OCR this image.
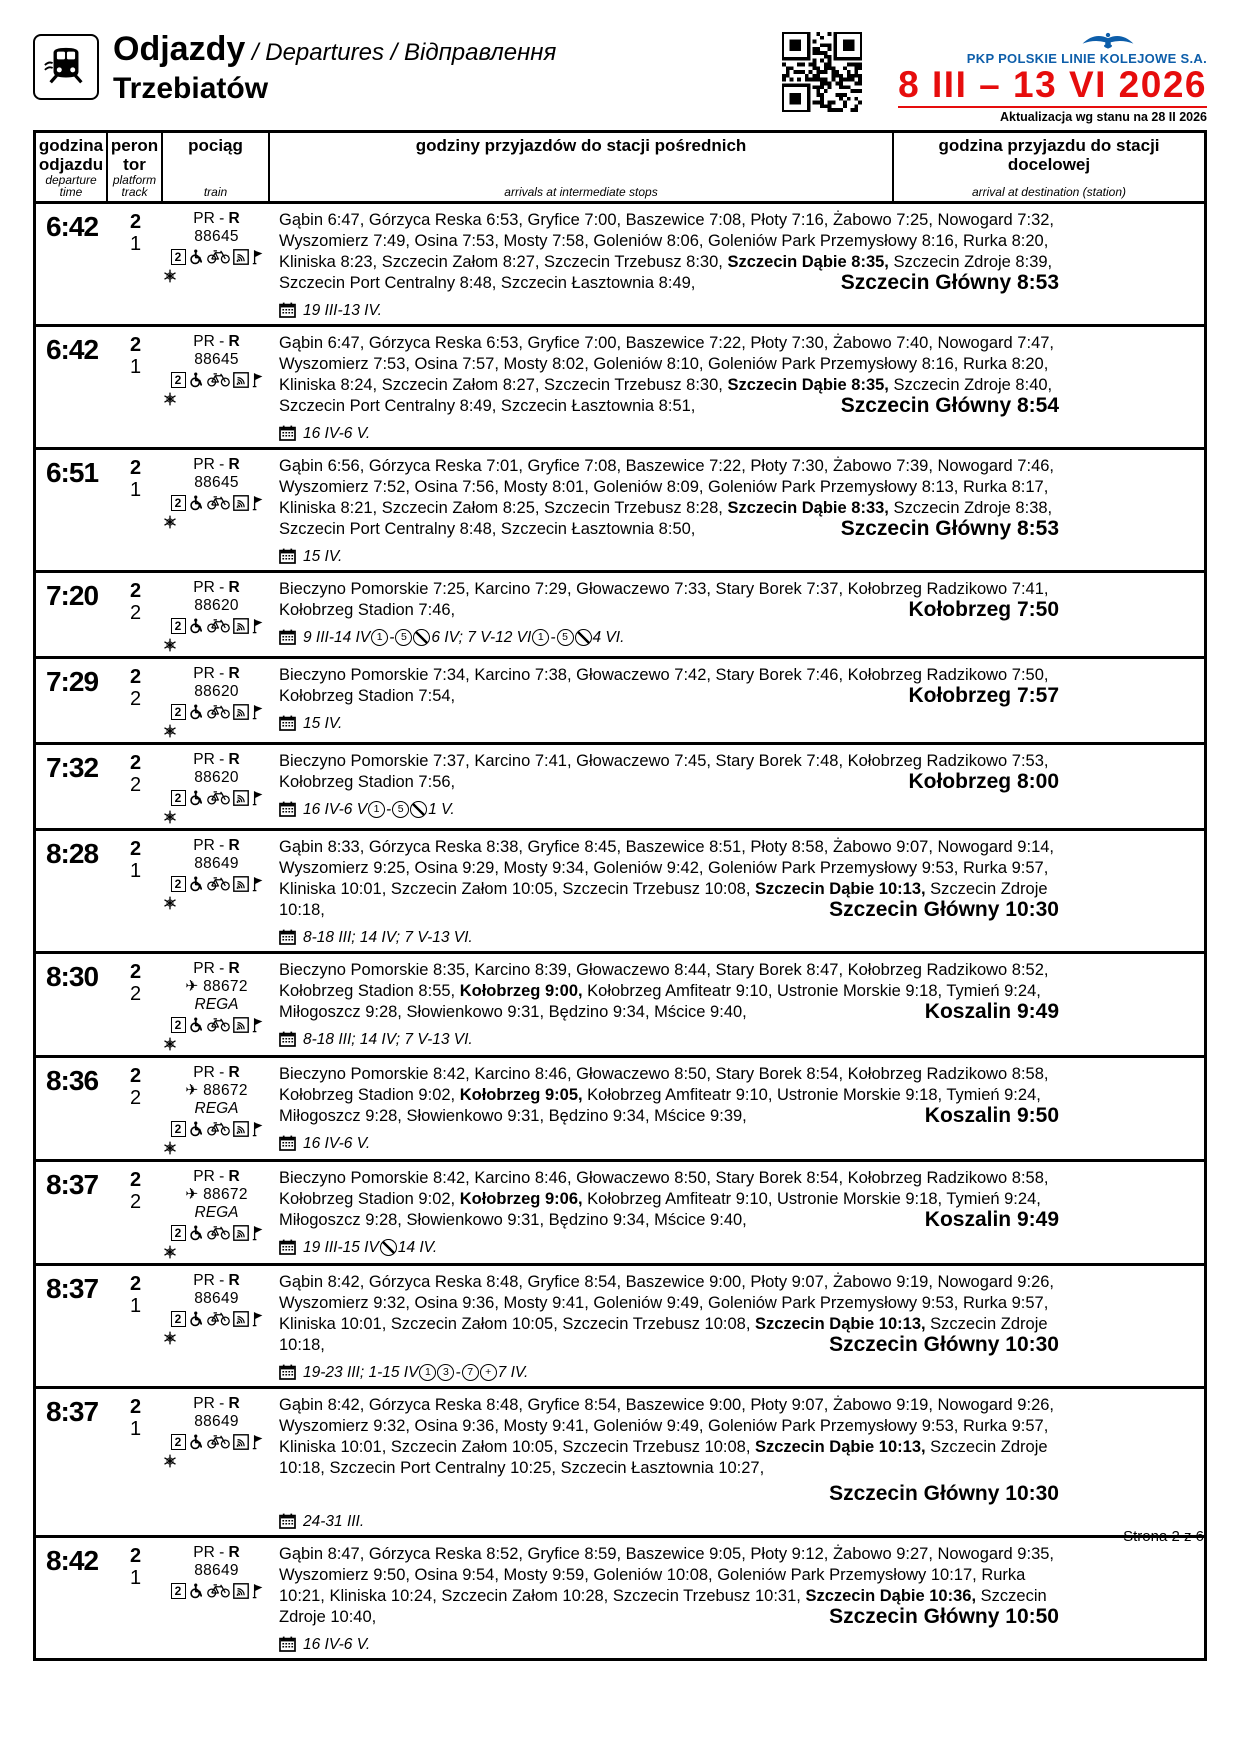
Odjazdy / Departures / Відправлення
Trzebiatów
PKP POLSKIE LINIE KOLEJOWE S.A.
8 III – 13 VI 2026
Aktualizacja wg stanu na 28 II 2026
godzina odjazdu
departure time
peron tor
platform track
pociąg
train
godziny przyjazdów do stacji pośrednich
arrivals at intermediate stops
godzina przyjazdu do stacji docelowej
arrival at destination (station)
6:42	2
1
PR - R
88645
2
Gąbin 6:47, Górzyca Reska 6:53, Gryfice 7:00, Baszewice 7:08, Płoty 7:16, Żabowo 7:25, Nowogard 7:32, Wyszomierz 7:49, Osina 7:53, Mosty 7:58, Goleniów 8:06, Goleniów Park Przemysłowy 8:16, Rurka 8:20, Kliniska 8:23, Szczecin Załom 8:27, Szczecin Trzebusz 8:30, Szczecin Dąbie 8:35, Szczecin Zdroje 8:39, Szczecin Port Centralny 8:48, Szczecin Łasztownia 8:49,	Szczecin Główny 8:53
19 III-13 IV.
6:42	2
1
PR - R
88645
2
Gąbin 6:47, Górzyca Reska 6:53, Gryfice 7:00, Baszewice 7:22, Płoty 7:30, Żabowo 7:40, Nowogard 7:47, Wyszomierz 7:53, Osina 7:57, Mosty 8:02, Goleniów 8:10, Goleniów Park Przemysłowy 8:16, Rurka 8:20, Kliniska 8:24, Szczecin Załom 8:27, Szczecin Trzebusz 8:30, Szczecin Dąbie 8:35, Szczecin Zdroje 8:40, Szczecin Port Centralny 8:49, Szczecin Łasztownia 8:51,	Szczecin Główny 8:54
16 IV-6 V.
6:51	2
1
PR - R
88645
2
Gąbin 6:56, Górzyca Reska 7:01, Gryfice 7:08, Baszewice 7:22, Płoty 7:30, Żabowo 7:39, Nowogard 7:46, Wyszomierz 7:52, Osina 7:56, Mosty 8:01, Goleniów 8:09, Goleniów Park Przemysłowy 8:13, Rurka 8:17, Kliniska 8:21, Szczecin Załom 8:25, Szczecin Trzebusz 8:28, Szczecin Dąbie 8:33, Szczecin Zdroje 8:38, Szczecin Port Centralny 8:48, Szczecin Łasztownia 8:50,	Szczecin Główny 8:53
15 IV.
7:20	2
2
PR - R
88620
2
Bieczyno Pomorskie 7:25, Karcino 7:29, Głowaczewo 7:33, Stary Borek 7:37, Kołobrzeg Radzikowo 7:41, Kołobrzeg Stadion 7:46,	Kołobrzeg 7:50
9 III-14 IV 1 - 5	6 IV; 7 V-12 VI 1 - 5	4 VI.
7:29	2
2
PR - R
88620
2
Bieczyno Pomorskie 7:34, Karcino 7:38, Głowaczewo 7:42, Stary Borek 7:46, Kołobrzeg Radzikowo 7:50, Kołobrzeg Stadion 7:54,	Kołobrzeg 7:57
15 IV.
7:32	2
2
PR - R
88620
2
Bieczyno Pomorskie 7:37, Karcino 7:41, Głowaczewo 7:45, Stary Borek 7:48, Kołobrzeg Radzikowo 7:53, Kołobrzeg Stadion 7:56,	Kołobrzeg 8:00
16 IV-6 V 1 - 5	1 V.
8:28	2
1
PR - R
88649
2
Gąbin 8:33, Górzyca Reska 8:38, Gryfice 8:45, Baszewice 8:51, Płoty 8:58, Żabowo 9:07, Nowogard 9:14, Wyszomierz 9:25, Osina 9:29, Mosty 9:34, Goleniów 9:42, Goleniów Park Przemysłowy 9:53, Rurka 9:57, Kliniska 10:01, Szczecin Załom 10:05, Szczecin Trzebusz 10:08, Szczecin Dąbie 10:13, Szczecin Zdroje 10:18,	Szczecin Główny 10:30
8-18 III; 14 IV; 7 V-13 VI.
8:30	2
2
PR - R
✈ 88672
REGA
2
Bieczyno Pomorskie 8:35, Karcino 8:39, Głowaczewo 8:44, Stary Borek 8:47, Kołobrzeg Radzikowo 8:52, Kołobrzeg Stadion 8:55, Kołobrzeg 9:00, Kołobrzeg Amfiteatr 9:10, Ustronie Morskie 9:18, Tymień 9:24, Miłogoszcz 9:28, Słowienkowo 9:31, Będzino 9:34, Mścice 9:40,	Koszalin 9:49
8-18 III; 14 IV; 7 V-13 VI.
8:36	2
2
PR - R
✈ 88672
REGA
2
Bieczyno Pomorskie 8:42, Karcino 8:46, Głowaczewo 8:50, Stary Borek 8:54, Kołobrzeg Radzikowo 8:58, Kołobrzeg Stadion 9:02, Kołobrzeg 9:05, Kołobrzeg Amfiteatr 9:10, Ustronie Morskie 9:18, Tymień 9:24, Miłogoszcz 9:28, Słowienkowo 9:31, Będzino 9:34, Mścice 9:39,	Koszalin 9:50
16 IV-6 V.
8:37	2
2
PR - R
✈ 88672
REGA
2
Bieczyno Pomorskie 8:42, Karcino 8:46, Głowaczewo 8:50, Stary Borek 8:54, Kołobrzeg Radzikowo 8:58, Kołobrzeg Stadion 9:02, Kołobrzeg 9:06, Kołobrzeg Amfiteatr 9:10, Ustronie Morskie 9:18, Tymień 9:24, Miłogoszcz 9:28, Słowienkowo 9:31, Będzino 9:34, Mścice 9:40,	Koszalin 9:49
19 III-15 IV
14 IV.
8:37	2
1
PR - R
88649
2
Gąbin 8:42, Górzyca Reska 8:48, Gryfice 8:54, Baszewice 9:00, Płoty 9:07, Żabowo 9:19, Nowogard 9:26, Wyszomierz 9:32, Osina 9:36, Mosty 9:41, Goleniów 9:49, Goleniów Park Przemysłowy 9:53, Rurka 9:57, Kliniska 10:01, Szczecin Załom 10:05, Szczecin Trzebusz 10:08, Szczecin Dąbie 10:13, Szczecin Zdroje 10:18,	Szczecin Główny 10:30
19-23 III; 1-15 IV 1	3 - 7	+ 7 IV.
8:37	2
1
PR - R
88649
2
Gąbin 8:42, Górzyca Reska 8:48, Gryfice 8:54, Baszewice 9:00, Płoty 9:07, Żabowo 9:19, Nowogard 9:26, Wyszomierz 9:32, Osina 9:36, Mosty 9:41, Goleniów 9:49, Goleniów Park Przemysłowy 9:53, Rurka 9:57, Kliniska 10:01, Szczecin Załom 10:05, Szczecin Trzebusz 10:08, Szczecin Dąbie 10:13, Szczecin Zdroje 10:18, Szczecin Port Centralny 10:25, Szczecin Łasztownia 10:27,
Szczecin Główny 10:30
24-31 III.
8:42	2
1
PR - R
88649
2
Gąbin 8:47, Górzyca Reska 8:52, Gryfice 8:59, Baszewice 9:05, Płoty 9:12, Żabowo 9:27, Nowogard 9:35, Wyszomierz 9:50, Osina 9:54, Mosty 9:59, Goleniów 10:08, Goleniów Park Przemysłowy 10:17, Rurka 10:21, Kliniska 10:24, Szczecin Załom 10:28, Szczecin Trzebusz 10:31, Szczecin Dąbie 10:36, Szczecin Zdroje 10:40,	Szczecin Główny 10:50
16 IV-6 V.
Strona 2 z 6
